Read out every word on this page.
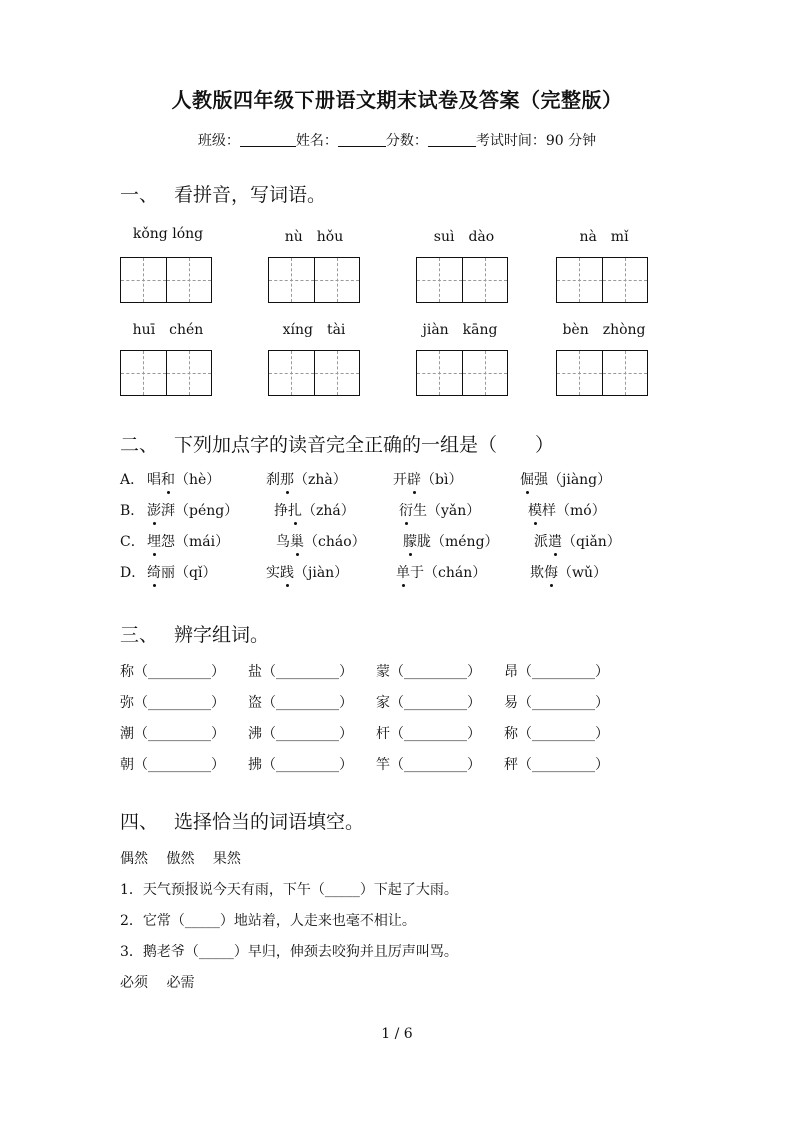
人教版四年级下册语文期末试卷及答案（完整版）
班级：	姓名：	分数：	考试时间：90 分钟
一、 看拼音，写词语。
kǒng lóng	nù　hǒu	suì　dào	nà　mǐ
huī　chén	xíng　tài	jiàn　kāng	bèn　zhòng
二、 下列加点字的读音完全正确的一组是（　　）
A． 唱和（hè）	刹那（zhà）	开辟（bì）	倔强（jiàng）
B． 澎湃（péng）	挣扎（zhá）	衍生（yǎn）	模样（mó）
C． 埋怨（mái）	鸟巢（cháo）	朦胧（méng）	派遣（qiǎn）
D． 绮丽（qǐ）	实践（jiàn）	单于（chán）	欺侮（wǔ）
三、 辨字组词。
称（_________） 盐（_________） 蒙（_________） 昂（_________）
弥（_________） 盗（_________） 家（_________） 易（_________）
潮（_________） 沸（_________） 杆（_________） 称（_________）
朝（_________） 拂（_________） 竿（_________） 秤（_________）
四、 选择恰当的词语填空。
偶然　 傲然　 果然
1．天气预报说今天有雨，下午（_____）下起了大雨。
2．它常（_____）地站着，人走来也毫不相让。
3．鹅老爷（_____）早归，伸颈去咬狗并且厉声叫骂。
必须　 必需
1 / 6
